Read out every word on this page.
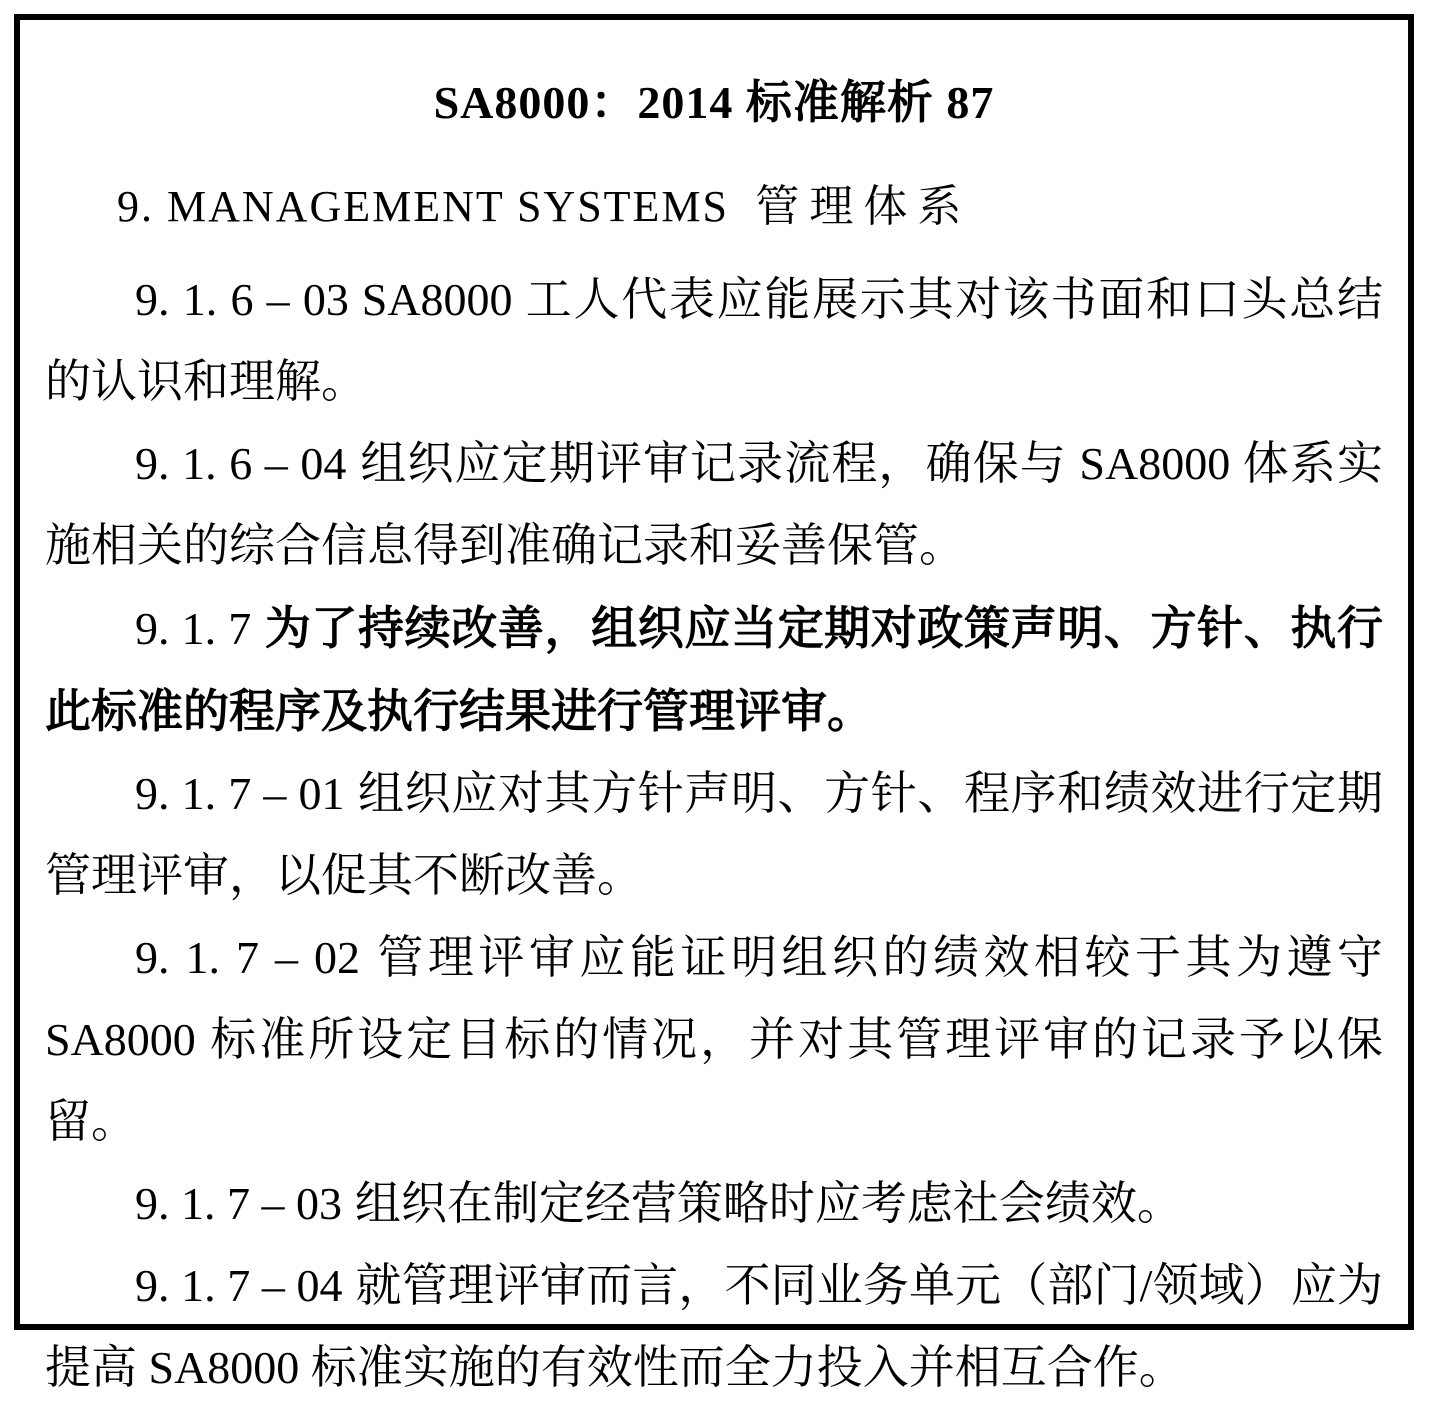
SA8000：2014 标准解析 87
9. MANAGEMENT SYSTEMS 管理体系

9. 1. 6 – 03 SA8000 工人代表应能展示其对该书面和口头总结的认识和理解。

9. 1. 6 – 04 组织应定期评审记录流程，确保与 SA8000 体系实施相关的综合信息得到准确记录和妥善保管。

9. 1. 7 为了持续改善，组织应当定期对政策声明、方针、执行此标准的程序及执行结果进行管理评审。

9. 1. 7 – 01 组织应对其方针声明、方针、程序和绩效进行定期管理评审，以促其不断改善。

9. 1. 7 – 02 管理评审应能证明组织的绩效相较于其为遵守 SA8000 标准所设定目标的情况，并对其管理评审的记录予以保留。

9. 1. 7 – 03 组织在制定经营策略时应考虑社会绩效。

9. 1. 7 – 04 就管理评审而言，不同业务单元（部门/领域）应为提高 SA8000 标准实施的有效性而全力投入并相互合作。
